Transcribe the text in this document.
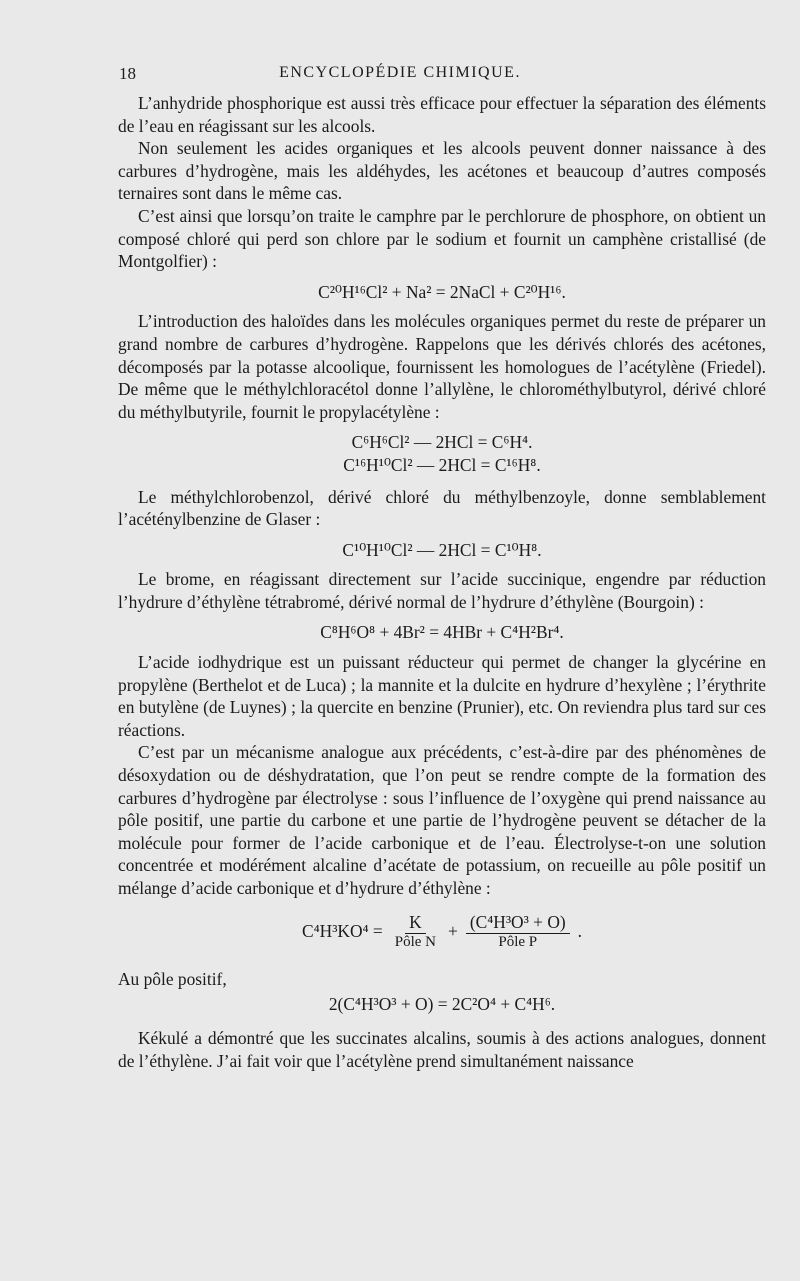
18	ENCYCLOPÉDIE CHIMIQUE.

L’anhydride phosphorique est aussi très efficace pour effectuer la séparation des éléments de l’eau en réagissant sur les alcools.

Non seulement les acides organiques et les alcools peuvent donner naissance à des carbures d’hydrogène, mais les aldéhydes, les acétones et beaucoup d’autres composés ternaires sont dans le même cas.

C’est ainsi que lorsqu’on traite le camphre par le perchlorure de phosphore, on obtient un composé chloré qui perd son chlore par le sodium et fournit un camphène cristallisé (de Montgolfier) :

C²⁰H¹⁶Cl² + Na² = 2NaCl + C²⁰H¹⁶.

L’introduction des haloïdes dans les molécules organiques permet du reste de préparer un grand nombre de carbures d’hydrogène. Rappelons que les dérivés chlorés des acétones, décomposés par la potasse alcoolique, fournissent les homologues de l’acétylène (Friedel). De même que le méthylchloracétol donne l’allylène, le chlorométhylbutyrol, dérivé chloré du méthylbutyrile, fournit le propylacétylène :

C⁶H⁶Cl² — 2HCl = C⁶H⁴.
C¹⁶H¹⁰Cl² — 2HCl = C¹⁶H⁸.

Le méthylchlorobenzol, dérivé chloré du méthylbenzoyle, donne semblablement l’acéténylbenzine de Glaser :

C¹⁰H¹⁰Cl² — 2HCl = C¹⁰H⁸.

Le brome, en réagissant directement sur l’acide succinique, engendre par réduction l’hydrure d’éthylène tétrabromé, dérivé normal de l’hydrure d’éthylène (Bourgoin) :

C⁸H⁶O⁸ + 4Br² = 4HBr + C⁴H²Br⁴.

L’acide iodhydrique est un puissant réducteur qui permet de changer la glycérine en propylène (Berthelot et de Luca) ; la mannite et la dulcite en hydrure d’hexylène ; l’érythrite en butylène (de Luynes) ; la quercite en benzine (Prunier), etc. On reviendra plus tard sur ces réactions.

C’est par un mécanisme analogue aux précédents, c’est-à-dire par des phénomènes de désoxydation ou de déshydratation, que l’on peut se rendre compte de la formation des carbures d’hydrogène par électrolyse : sous l’influence de l’oxygène qui prend naissance au pôle positif, une partie du carbone et une partie de l’hydrogène peuvent se détacher de la molécule pour former de l’acide carbonique et de l’eau. Électrolyse-t-on une solution concentrée et modérément alcaline d’acétate de potassium, on recueille au pôle positif un mélange d’acide carbonique et d’hydrure d’éthylène :

$C^4H^3KO^4 = \frac{K}{\text{Pôle N}} + \frac{\text{(C⁴H³O³ + O)}}{\text{Pôle P}}$ .

Au pôle positif,

2(C⁴H³O³ + O) = 2C²O⁴ + C⁴H⁶.

Kékulé a démontré que les succinates alcalins, soumis à des actions analogues, donnent de l’éthylène. J’ai fait voir que l’acétylène prend simultanément naissance
